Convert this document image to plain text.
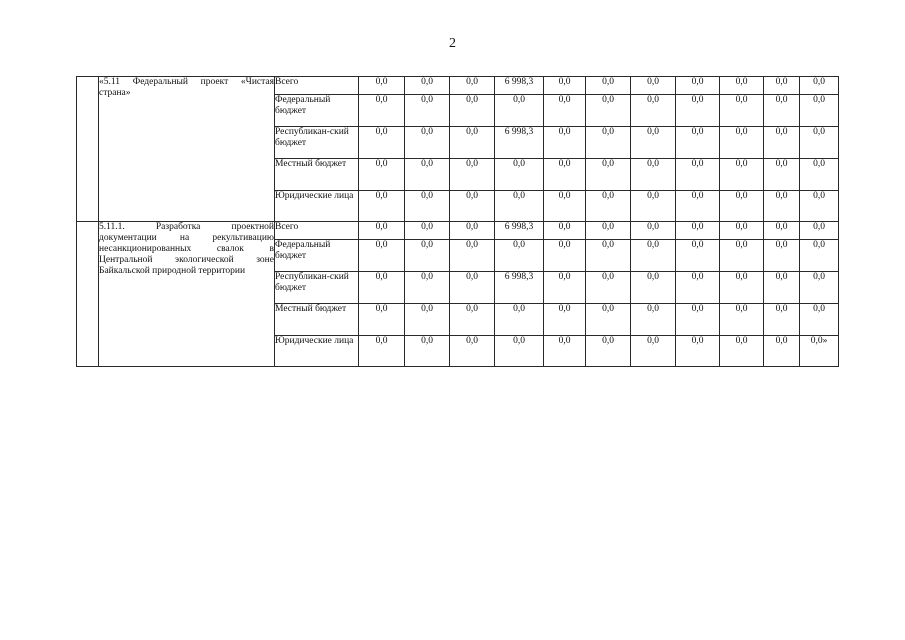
2
	«5.11 Федеральный проект «Чистая страна»	Всего	0,0	0,0	0,0	6 998,3	0,0	0,0	0,0	0,0	0,0	0,0	0,0
		Федеральный бюджет	0,0	0,0	0,0	0,0	0,0	0,0	0,0	0,0	0,0	0,0	0,0
		Республикан-ский бюджет	0,0	0,0	0,0	6 998,3	0,0	0,0	0,0	0,0	0,0	0,0	0,0
		Местный бюджет	0,0	0,0	0,0	0,0	0,0	0,0	0,0	0,0	0,0	0,0	0,0
		Юридические лица	0,0	0,0	0,0	0,0	0,0	0,0	0,0	0,0	0,0	0,0	0,0
	5.11.1. Разработка проектной документации на рекультивацию несанкционированных свалок в Центральной экологической зоне Байкальской природной территории	Всего	0,0	0,0	0,0	6 998,3	0,0	0,0	0,0	0,0	0,0	0,0	0,0
		Федеральный бюджет	0,0	0,0	0,0	0,0	0,0	0,0	0,0	0,0	0,0	0,0	0,0
		Республикан-ский бюджет	0,0	0,0	0,0	6 998,3	0,0	0,0	0,0	0,0	0,0	0,0	0,0
		Местный бюджет	0,0	0,0	0,0	0,0	0,0	0,0	0,0	0,0	0,0	0,0	0,0
		Юридические лица	0,0	0,0	0,0	0,0	0,0	0,0	0,0	0,0	0,0	0,0	0,0»
